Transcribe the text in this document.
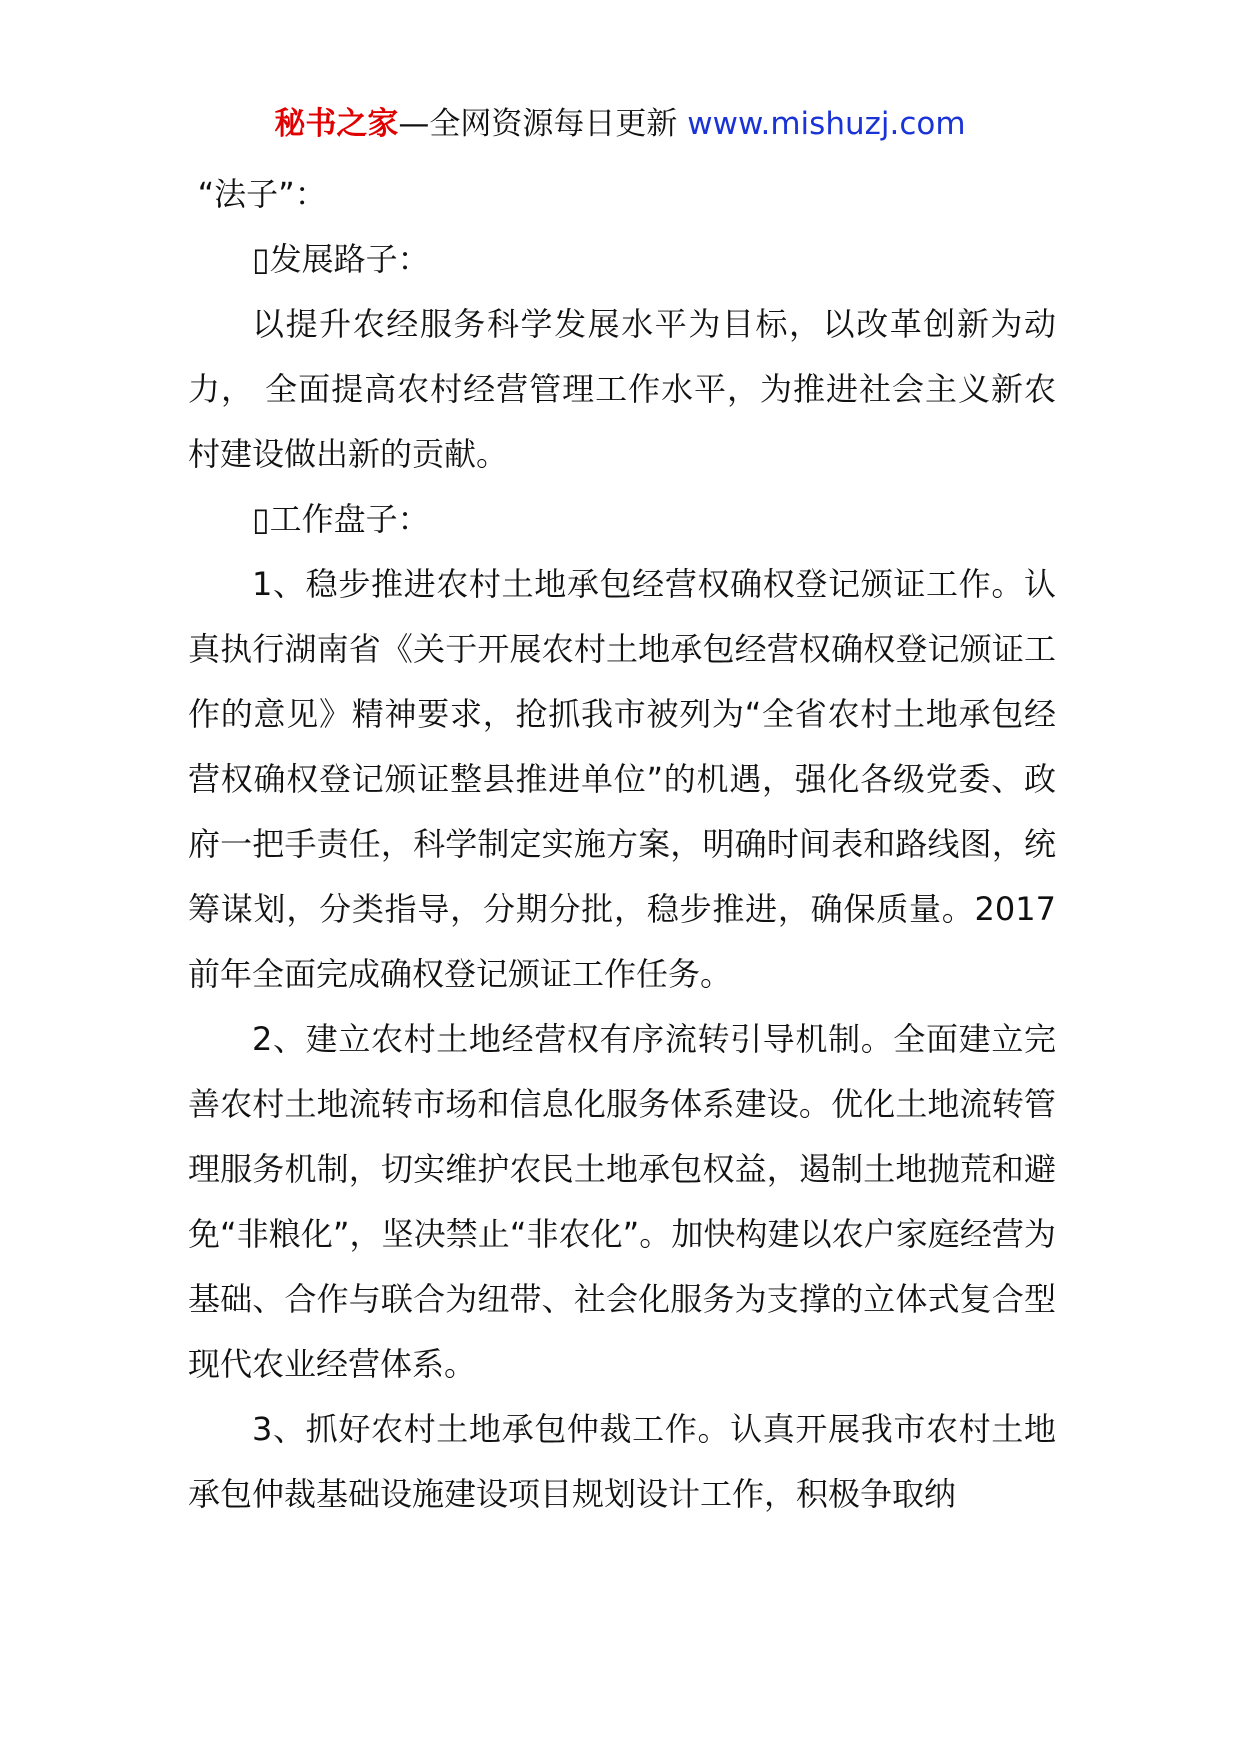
秘书之家—全网资源每日更新 www.mishuzj.com

“法子”：

▯发展路子：

以提升农经服务科学发展水平为目标，以改革创新为动力， 全面提高农村经营管理工作水平，为推进社会主义新农村建设做出新的贡献。

▯工作盘子：

1、稳步推进农村土地承包经营权确权登记颁证工作。认真执行湖南省《关于开展农村土地承包经营权确权登记颁证工作的意见》精神要求，抢抓我市被列为“全省农村土地承包经营权确权登记颁证整县推进单位”的机遇，强化各级党委、政府一把手责任，科学制定实施方案，明确时间表和路线图，统筹谋划，分类指导，分期分批，稳步推进，确保质量。2017 前年全面完成确权登记颁证工作任务。

2、建立农村土地经营权有序流转引导机制。全面建立完善农村土地流转市场和信息化服务体系建设。优化土地流转管理服务机制，切实维护农民土地承包权益，遏制土地抛荒和避免“非粮化”，坚决禁止“非农化”。加快构建以农户家庭经营为基础、合作与联合为纽带、社会化服务为支撑的立体式复合型现代农业经营体系。

3、抓好农村土地承包仲裁工作。认真开展我市农村土地承包仲裁基础设施建设项目规划设计工作，积极争取纳
